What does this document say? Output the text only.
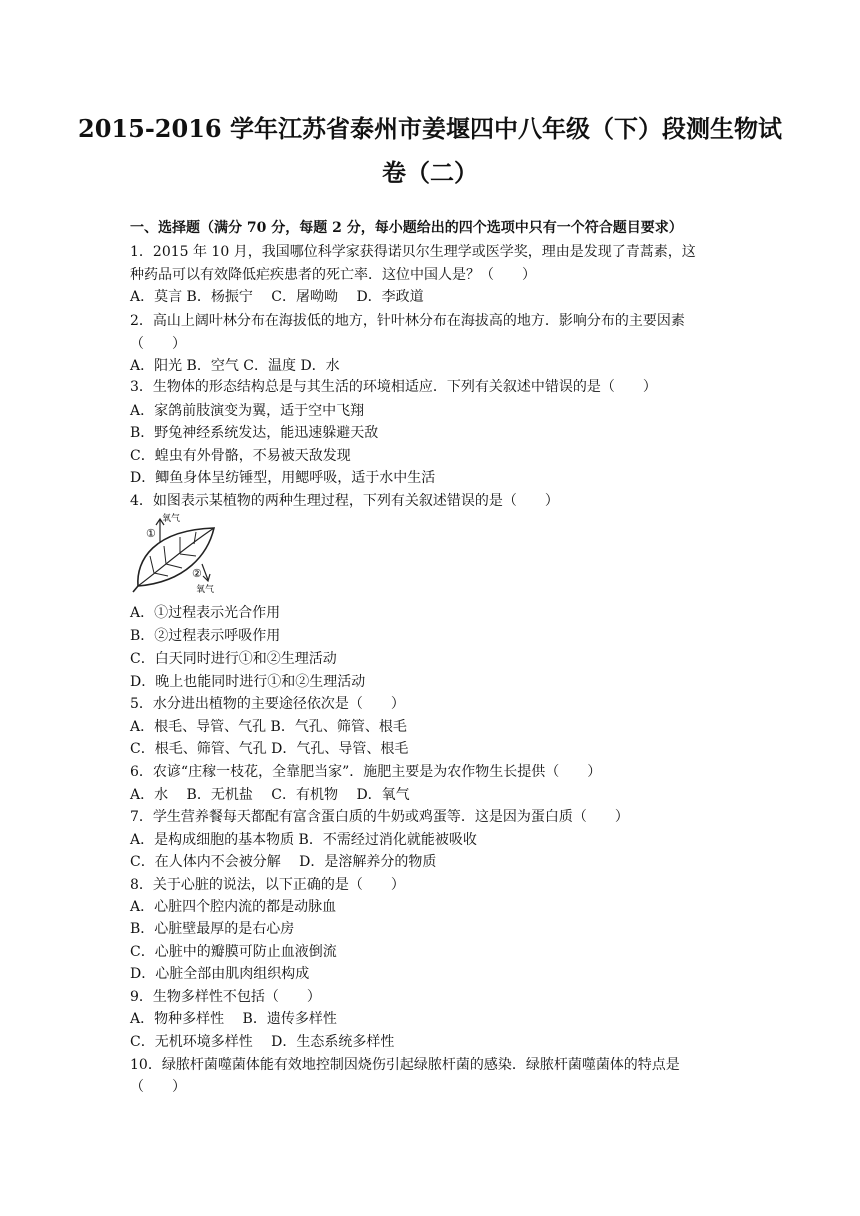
2015-2016 学年江苏省泰州市姜堰四中八年级（下）段测生物试
卷（二）
一、选择题（满分 70 分，每题 2 分，每小题给出的四个选项中只有一个符合题目要求）
1．2015 年 10 月，我国哪位科学家获得诺贝尔生理学或医学奖，理由是发现了青蒿素，这
种药品可以有效降低疟疾患者的死亡率．这位中国人是？（　　）
A．莫言 B．杨振宁　 C．屠呦呦　 D．李政道
2．高山上阔叶林分布在海拔低的地方，针叶林分布在海拔高的地方．影响分布的主要因素
（　　）
A．阳光 B．空气 C．温度 D．水
3．生物体的形态结构总是与其生活的环境相适应．下列有关叙述中错误的是（　　）
A．家鸽前肢演变为翼，适于空中飞翔
B．野兔神经系统发达，能迅速躲避天敌
C．蝗虫有外骨骼，不易被天敌发现
D．鲫鱼身体呈纺锤型，用鳃呼吸，适于水中生活
4．如图表示某植物的两种生理过程，下列有关叙述错误的是（　　）
A．①过程表示光合作用
B．②过程表示呼吸作用
C．白天同时进行①和②生理活动
D．晚上也能同时进行①和②生理活动
5．水分进出植物的主要途径依次是（　　）
A．根毛、导管、气孔 B．气孔、筛管、根毛
C．根毛、筛管、气孔 D．气孔、导管、根毛
6．农谚“庄稼一枝花，全靠肥当家”．施肥主要是为农作物生长提供（　　）
A．水　 B．无机盐　 C．有机物　 D．氧气
7．学生营养餐每天都配有富含蛋白质的牛奶或鸡蛋等．这是因为蛋白质（　　）
A．是构成细胞的基本物质 B．不需经过消化就能被吸收
C．在人体内不会被分解　 D．是溶解养分的物质
8．关于心脏的说法，以下正确的是（　　）
A．心脏四个腔内流的都是动脉血
B．心脏壁最厚的是右心房
C．心脏中的瓣膜可防止血液倒流
D．心脏全部由肌肉组织构成
9．生物多样性不包括（　　）
A．物种多样性　 B．遗传多样性
C．无机环境多样性　 D．生态系统多样性
10．绿脓杆菌噬菌体能有效地控制因烧伤引起绿脓杆菌的感染．绿脓杆菌噬菌体的特点是
（　　）
氧气
①
②
氧气
